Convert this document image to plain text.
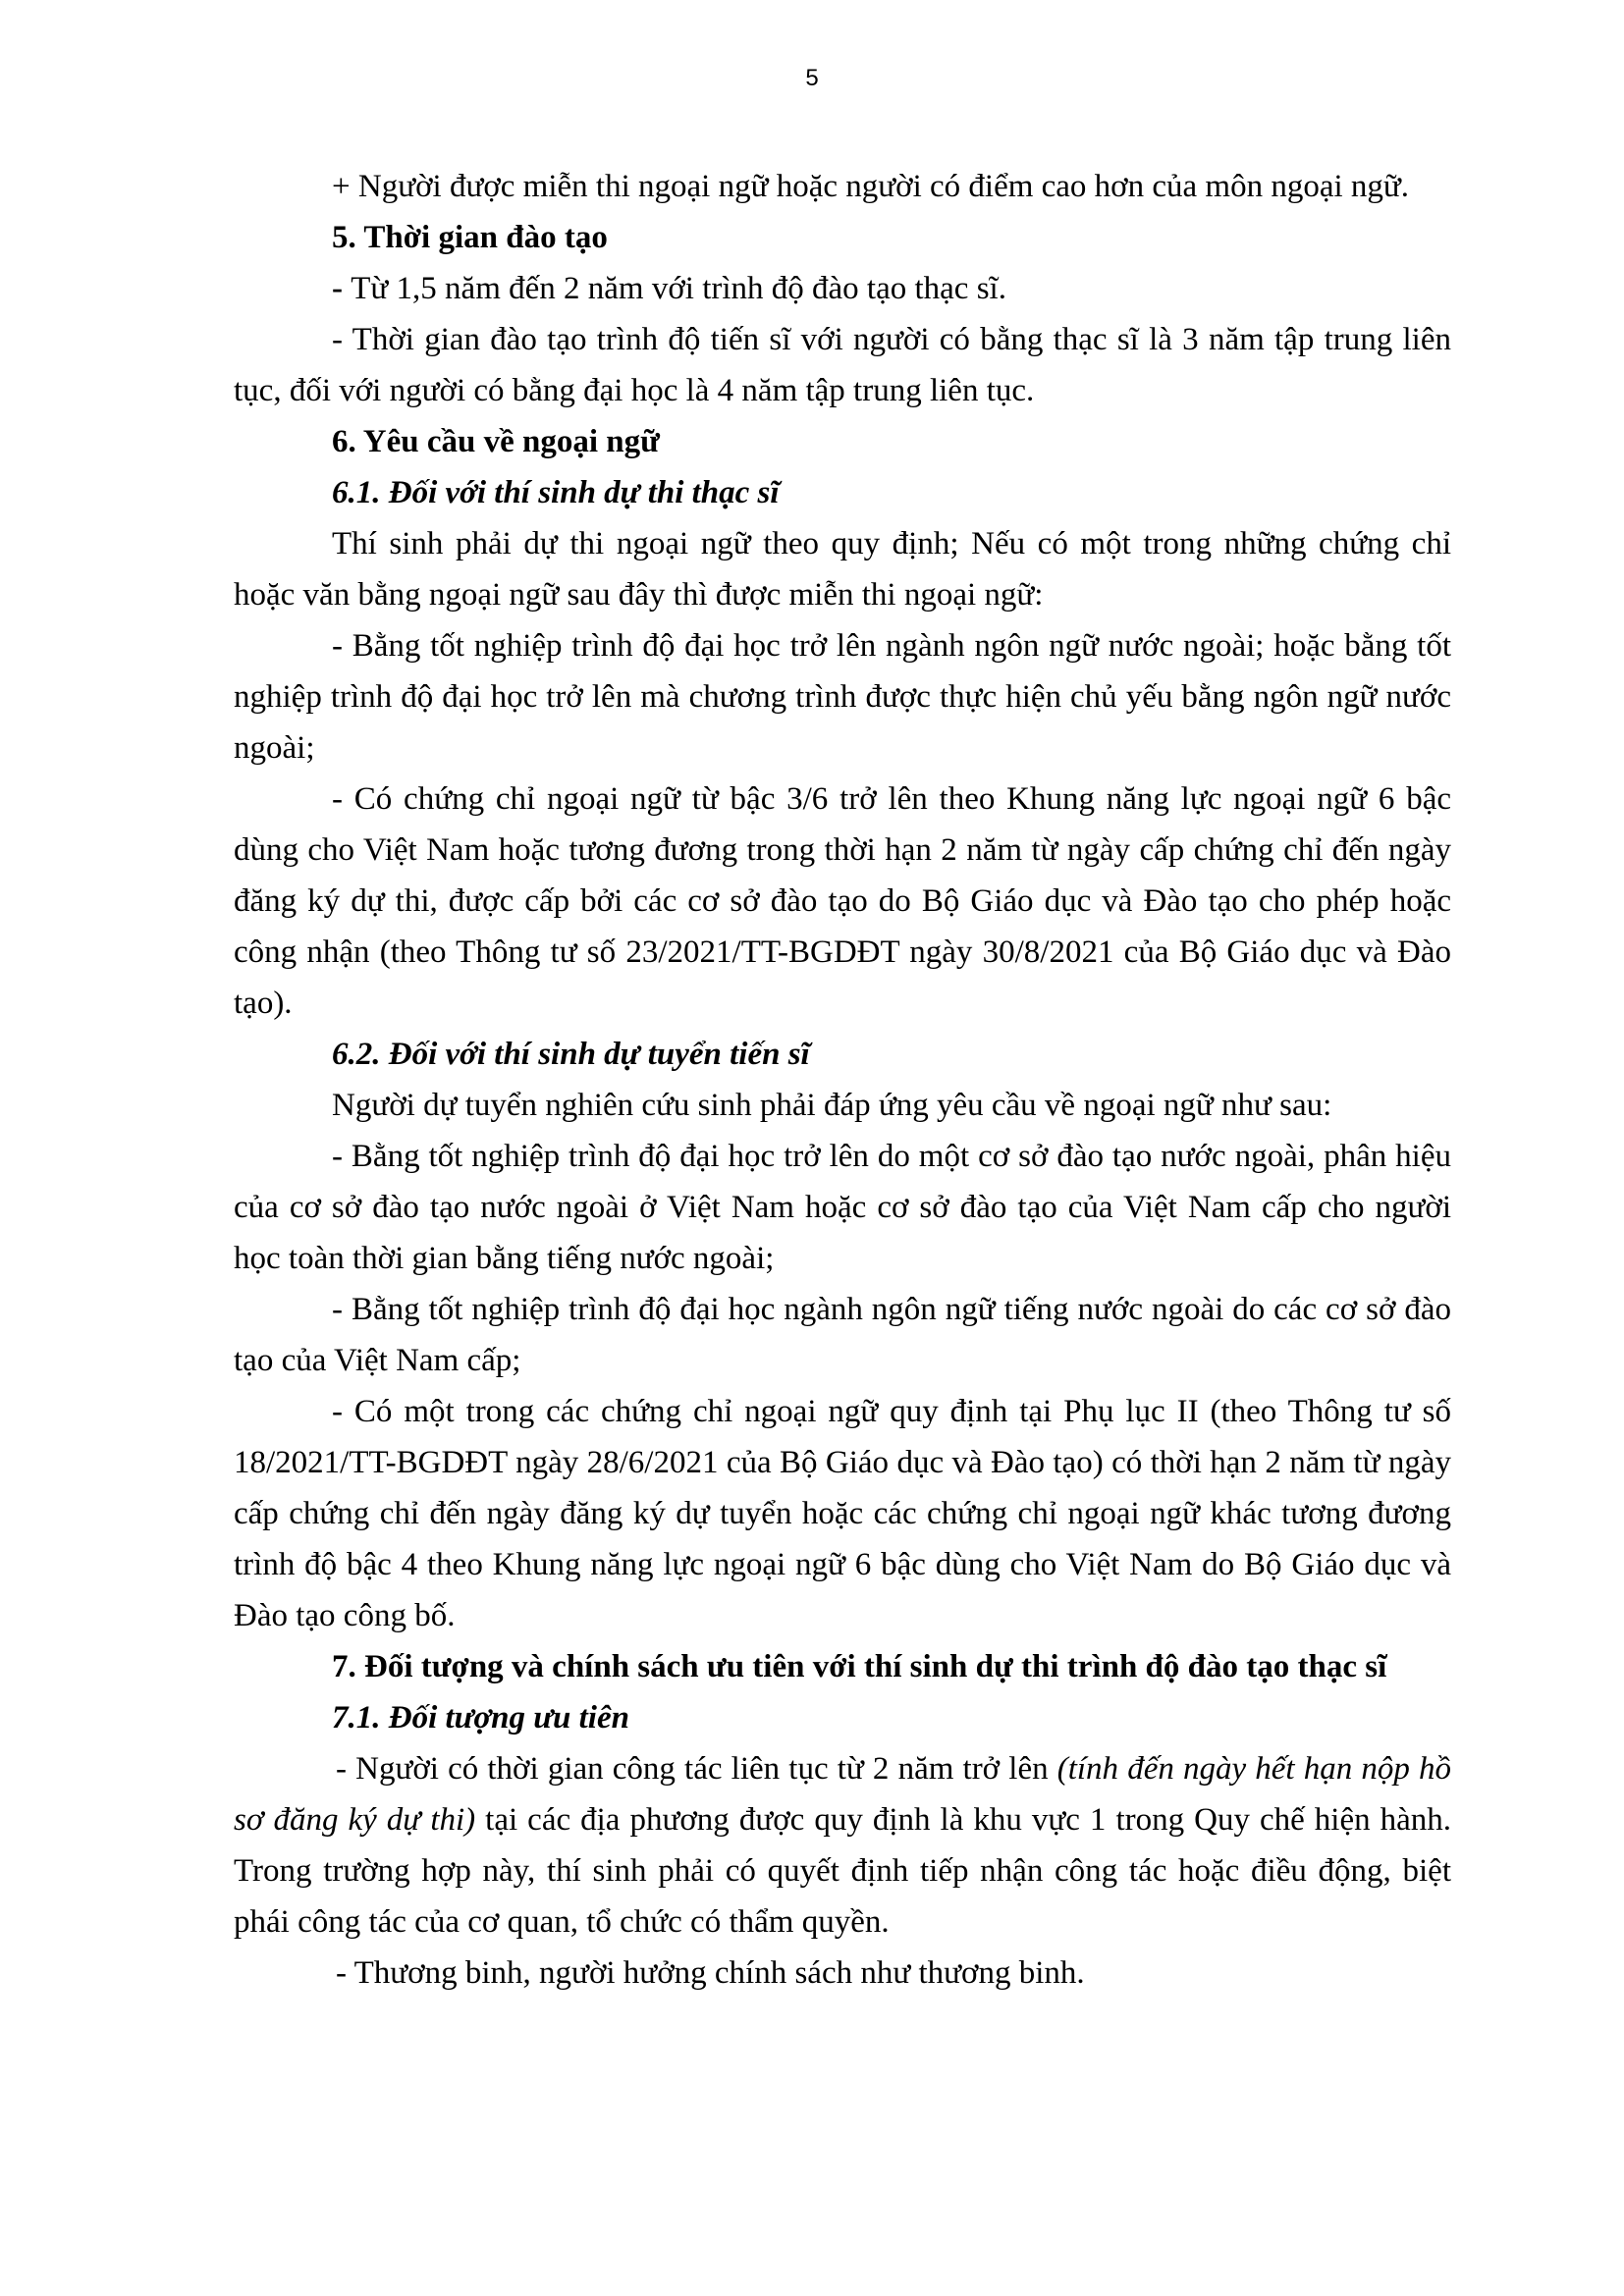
5

+ Người được miễn thi ngoại ngữ hoặc người có điểm cao hơn của môn ngoại ngữ.

5. Thời gian đào tạo

- Từ 1,5 năm đến 2 năm với trình độ đào tạo thạc sĩ.

- Thời gian đào tạo trình độ tiến sĩ với người có bằng thạc sĩ là 3 năm tập trung liên tục, đối với người có bằng đại học là 4 năm tập trung liên tục.

6. Yêu cầu về ngoại ngữ

6.1. Đối với thí sinh dự thi thạc sĩ

Thí sinh phải dự thi ngoại ngữ theo quy định; Nếu có một trong những chứng chỉ hoặc văn bằng ngoại ngữ sau đây thì được miễn thi ngoại ngữ:

- Bằng tốt nghiệp trình độ đại học trở lên ngành ngôn ngữ nước ngoài; hoặc bằng tốt nghiệp trình độ đại học trở lên mà chương trình được thực hiện chủ yếu bằng ngôn ngữ nước ngoài;

- Có chứng chỉ ngoại ngữ từ bậc 3/6 trở lên theo Khung năng lực ngoại ngữ 6 bậc dùng cho Việt Nam hoặc tương đương trong thời hạn 2 năm từ ngày cấp chứng chỉ đến ngày đăng ký dự thi, được cấp bởi các cơ sở đào tạo do Bộ Giáo dục và Đào tạo cho phép hoặc công nhận (theo Thông tư số 23/2021/TT-BGDĐT ngày 30/8/2021 của Bộ Giáo dục và Đào tạo).

6.2. Đối với thí sinh dự tuyển tiến sĩ

Người dự tuyển nghiên cứu sinh phải đáp ứng yêu cầu về ngoại ngữ như sau:

- Bằng tốt nghiệp trình độ đại học trở lên do một cơ sở đào tạo nước ngoài, phân hiệu của cơ sở đào tạo nước ngoài ở Việt Nam hoặc cơ sở đào tạo của Việt Nam cấp cho người học toàn thời gian bằng tiếng nước ngoài;

- Bằng tốt nghiệp trình độ đại học ngành ngôn ngữ tiếng nước ngoài do các cơ sở đào tạo của Việt Nam cấp;

- Có một trong các chứng chỉ ngoại ngữ quy định tại Phụ lục II (theo Thông tư số 18/2021/TT-BGDĐT ngày 28/6/2021 của Bộ Giáo dục và Đào tạo) có thời hạn 2 năm từ ngày cấp chứng chỉ đến ngày đăng ký dự tuyển hoặc các chứng chỉ ngoại ngữ khác tương đương trình độ bậc 4 theo Khung năng lực ngoại ngữ 6 bậc dùng cho Việt Nam do Bộ Giáo dục và Đào tạo công bố.

7. Đối tượng và chính sách ưu tiên với thí sinh dự thi trình độ đào tạo thạc sĩ

7.1. Đối tượng ưu tiên

- Người có thời gian công tác liên tục từ 2 năm trở lên (tính đến ngày hết hạn nộp hồ sơ đăng ký dự thi) tại các địa phương được quy định là khu vực 1 trong Quy chế hiện hành. Trong trường hợp này, thí sinh phải có quyết định tiếp nhận công tác hoặc điều động, biệt phái công tác của cơ quan, tổ chức có thẩm quyền.

- Thương binh, người hưởng chính sách như thương binh.
